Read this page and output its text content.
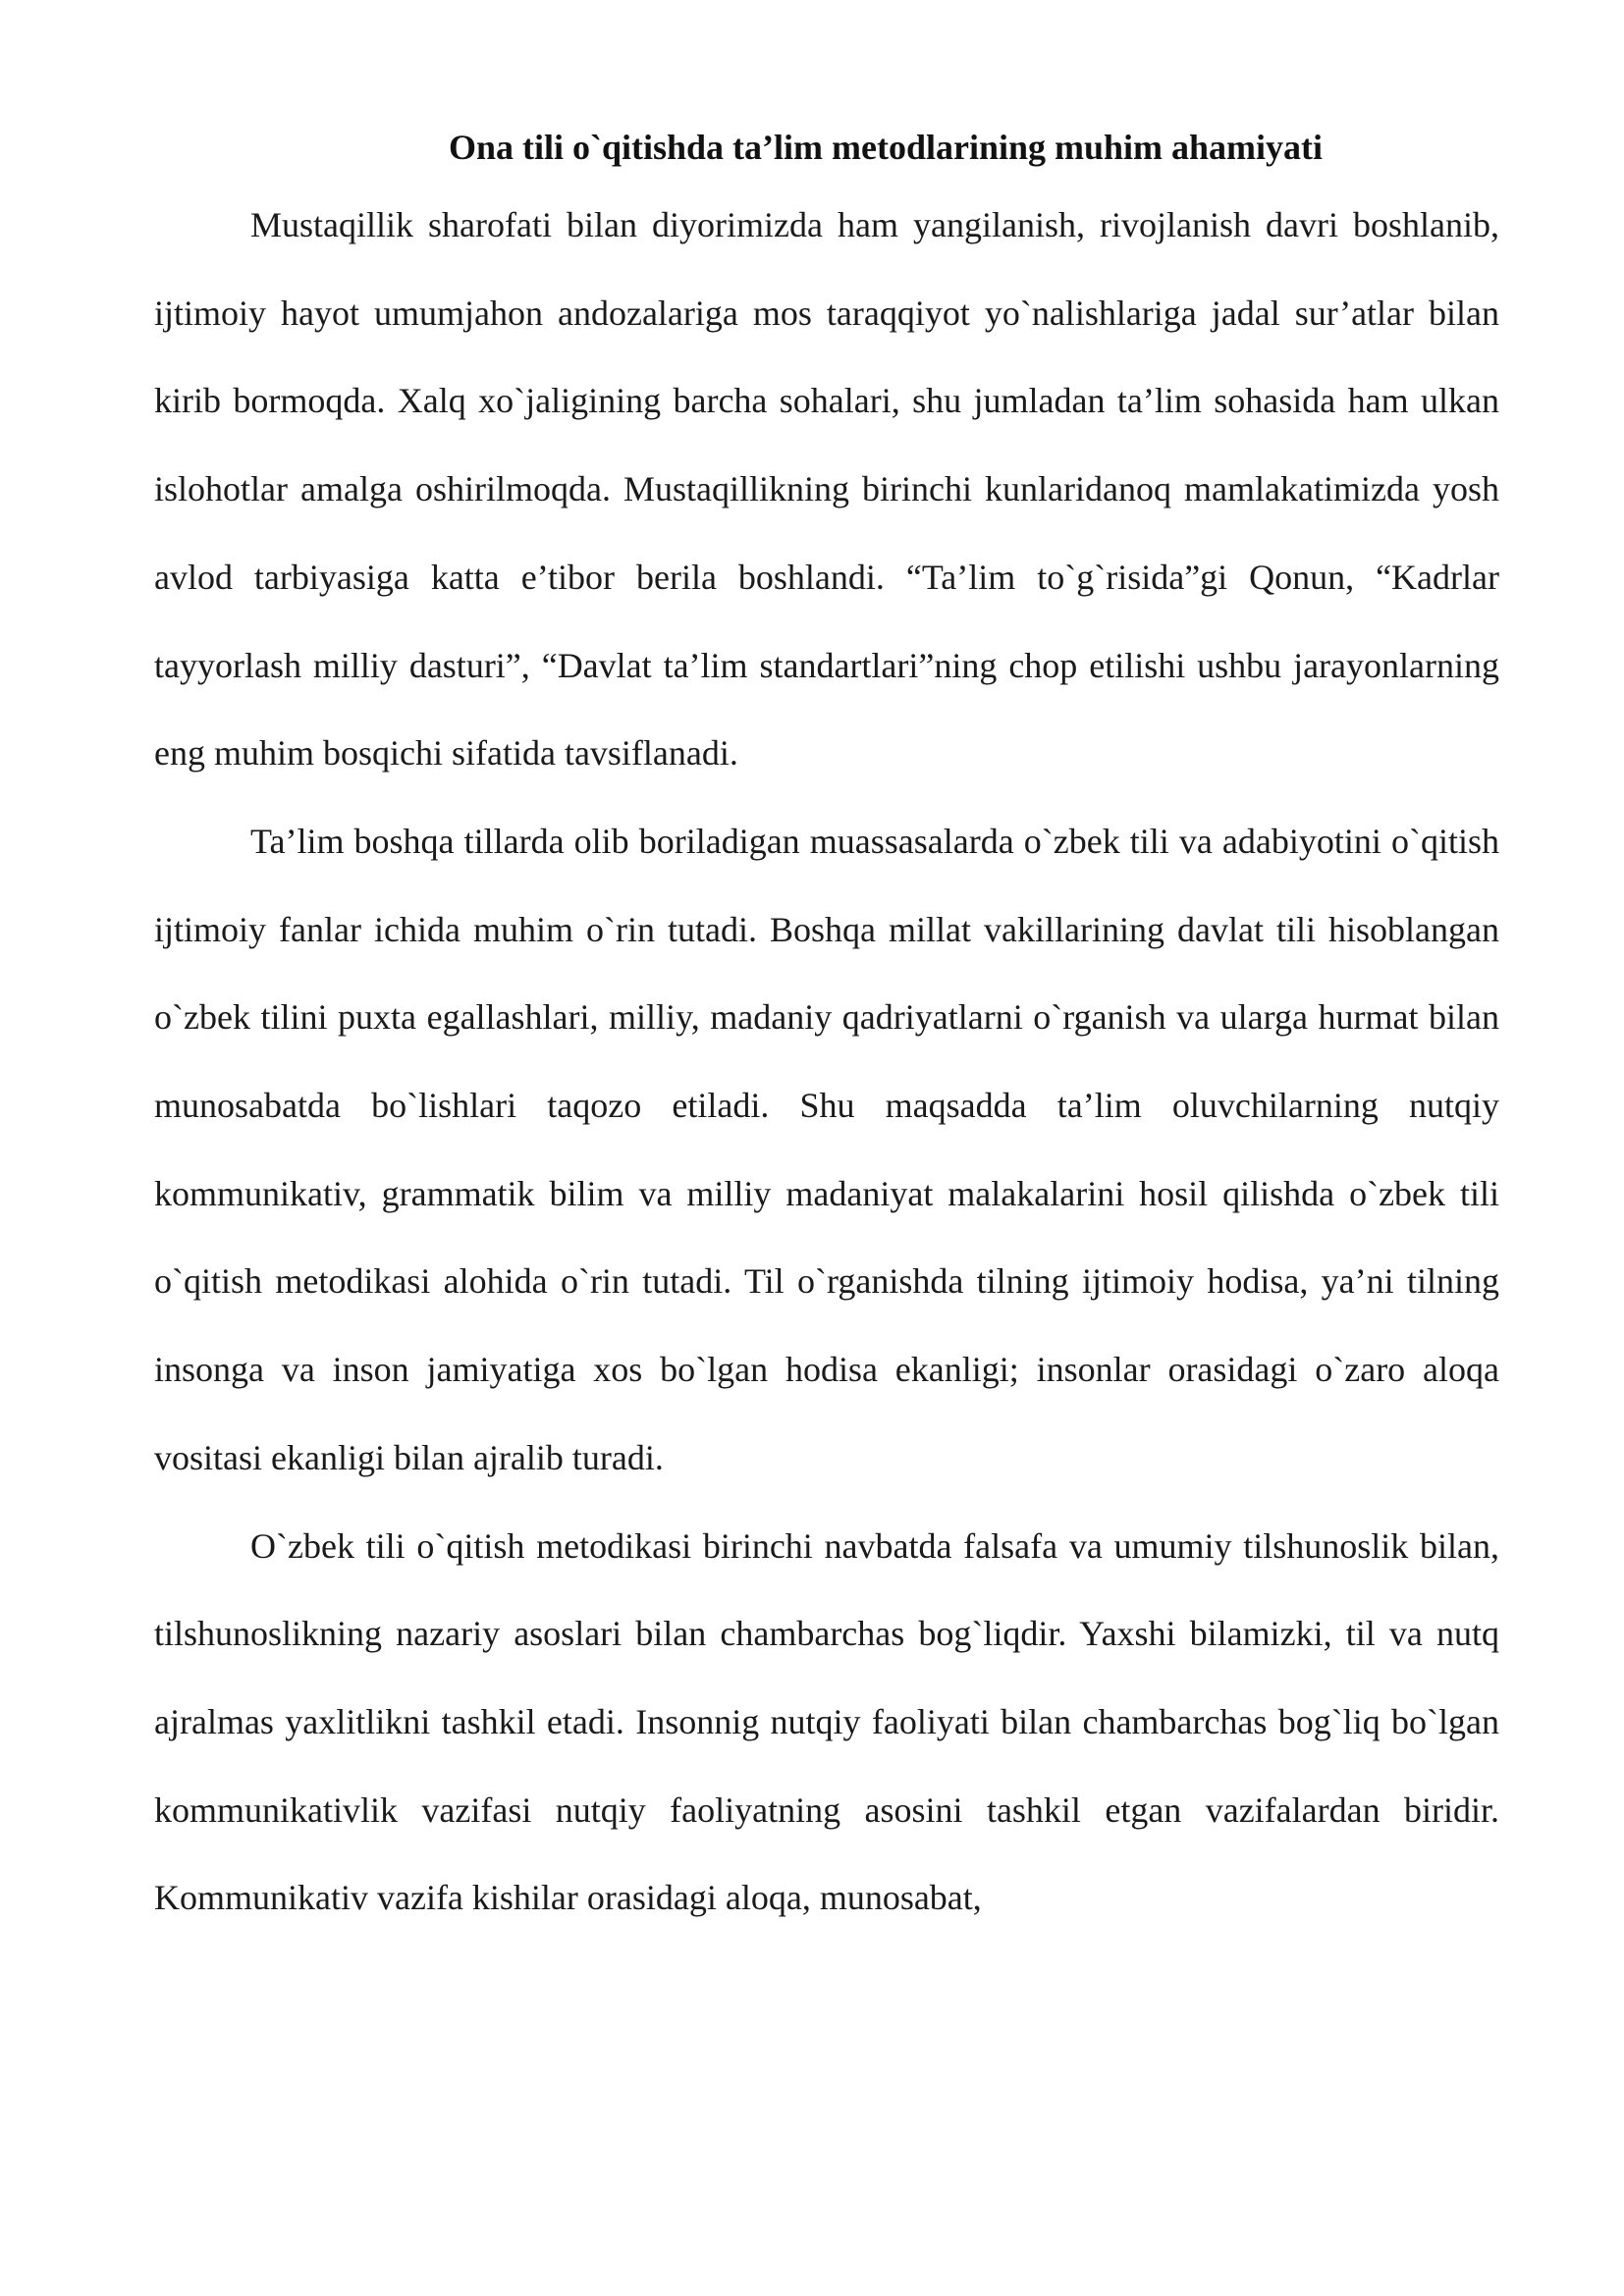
Ona tili o`qitishda ta’lim metodlarining muhim ahamiyati

Mustaqillik sharofati bilan diyorimizda ham yangilanish, rivojlanish davri boshlanib, ijtimoiy hayot umumjahon andozalariga mos taraqqiyot yo`nalishlariga jadal sur’atlar bilan kirib bormoqda. Xalq xo`jaligining barcha sohalari, shu jumladan ta’lim sohasida ham ulkan islohotlar amalga oshirilmoqda. Mustaqillikning birinchi kunlaridanoq mamlakatimizda yosh avlod tarbiyasiga katta e’tibor berila boshlandi. “Ta’lim to`g`risida”gi Qonun, “Kadrlar tayyorlash milliy dasturi”, “Davlat ta’lim standartlari”ning chop etilishi ushbu jarayonlarning eng muhim bosqichi sifatida tavsiflanadi.

Ta’lim boshqa tillarda olib boriladigan muassasalarda o`zbek tili va adabiyotini o`qitish ijtimoiy fanlar ichida muhim o`rin tutadi. Boshqa millat vakillarining davlat tili hisoblangan o`zbek tilini puxta egallashlari, milliy, madaniy qadriyatlarni o`rganish va ularga hurmat bilan munosabatda bo`lishlari taqozo etiladi. Shu maqsadda ta’lim oluvchilarning nutqiy kommunikativ, grammatik bilim va milliy madaniyat malakalarini hosil qilishda o`zbek tili o`qitish metodikasi alohida o`rin tutadi. Til o`rganishda tilning ijtimoiy hodisa, ya’ni tilning insonga va inson jamiyatiga xos bo`lgan hodisa ekanligi; insonlar orasidagi o`zaro aloqa vositasi ekanligi bilan ajralib turadi.

O`zbek tili o`qitish metodikasi birinchi navbatda falsafa va umumiy tilshunoslik bilan, tilshunoslikning nazariy asoslari bilan chambarchas bog`liqdir. Yaxshi bilamizki, til va nutq ajralmas yaxlitlikni tashkil etadi. Insonnig nutqiy faoliyati bilan chambarchas bog`liq bo`lgan kommunikativlik vazifasi nutqiy faoliyatning asosini tashkil etgan vazifalardan biridir. Kommunikativ vazifa kishilar orasidagi aloqa, munosabat,
